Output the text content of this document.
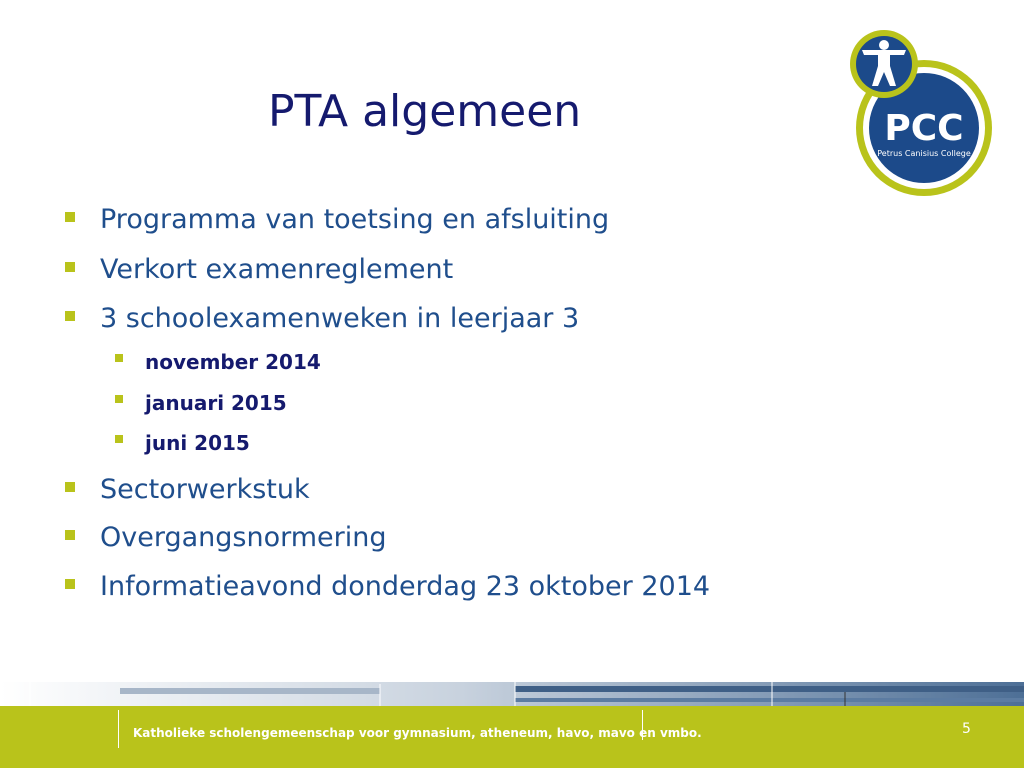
PTA algemeen	PCC
Petrus Canisius College
Programma van toetsing en afsluiting
Verkort examenreglement
3 schoolexamenweken in leerjaar 3
november 2014
januari 2015
juni 2015
Sectorwerkstuk
Overgangsnormering
Informatieavond donderdag 23 oktober 2014
Katholieke scholengemeenschap voor gymnasium, atheneum, havo, mavo en vmbo.	5
